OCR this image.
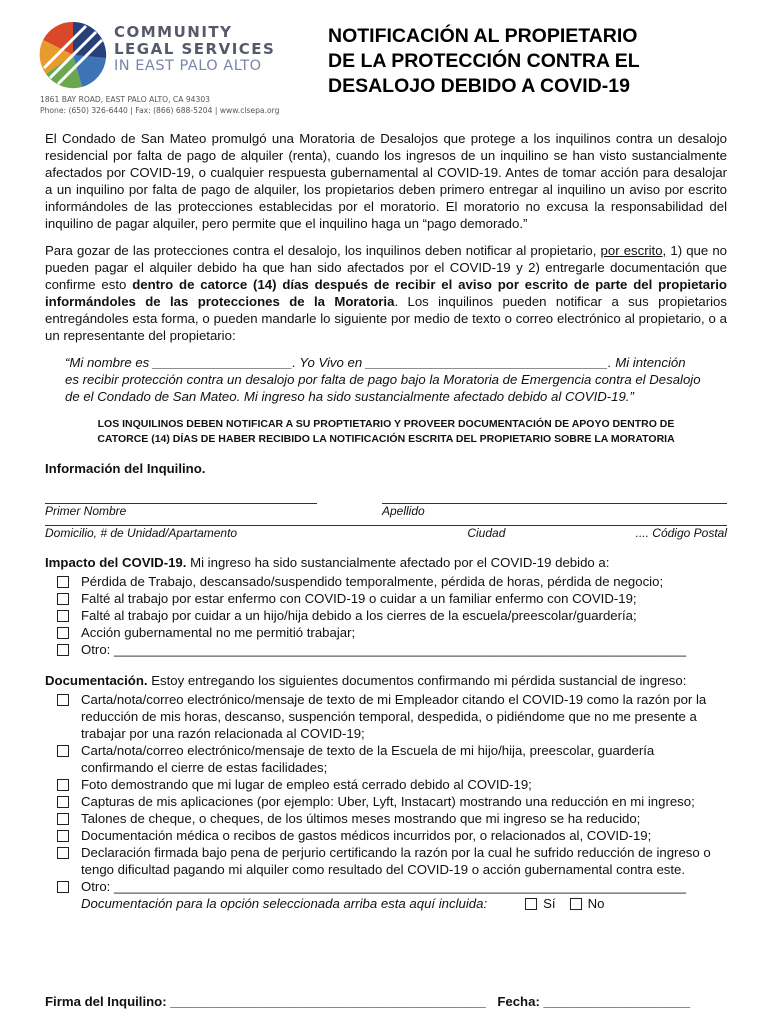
COMMUNITY
LEGAL SERVICES
IN EAST PALO ALTO
1861 BAY ROAD, EAST PALO ALTO, CA 94303
Phone: (650) 326-6440 | Fax: (866) 688-5204 | www.clsepa.org
NOTIFICACIÓN AL PROPIETARIO
DE LA PROTECCIÓN CONTRA EL
DESALOJO DEBIDO A COVID-19

El Condado de San Mateo promulgó una Moratoria de Desalojos que protege a los inquilinos contra un desalojo residencial por falta de pago de alquiler (renta), cuando los ingresos de un inquilino se han visto sustancialmente afectados por COVID-19, o cualquier respuesta gubernamental al COVID-19. Antes de tomar acción para desalojar a un inquilino por falta de pago de alquiler, los propietarios deben primero entregar al inquilino un aviso por escrito informándoles de las protecciones establecidas por el moratorio. El moratorio no excusa la responsabilidad del inquilino de pagar alquiler, pero permite que el inquilino haga un “pago demorado.”

Para gozar de las protecciones contra el desalojo, los inquilinos deben notificar al propietario, por escrito, 1) que no pueden pagar el alquiler debido ha que han sido afectados por el COVID-19 y 2) entregarle documentación que confirme esto dentro de catorce (14) días después de recibir el aviso por escrito de parte del propietario informándoles de las protecciones de la Moratoria. Los inquilinos pueden notificar a sus propietarios entregándoles esta forma, o pueden mandarle lo siguiente por medio de texto o correo electrónico al propietario, o a un representante del propietario:

“Mi nombre es ___________________. Yo Vivo en _________________________________. Mi intención
es recibir protección contra un desalojo por falta de pago bajo la Moratoria de Emergencia contra el Desalojo
de el Condado de San Mateo. Mi ingreso ha sido sustancialmente afectado debido al COVID-19.”
LOS INQUILINOS DEBEN NOTIFICAR A SU PROPTIETARIO Y PROVEER DOCUMENTACIÓN DE APOYO DENTRO DE
CATORCE (14) DÍAS DE HABER RECIBIDO LA NOTIFICACIÓN ESCRITA DEL PROPIETARIO SOBRE LA MORATORIA
Información del Inquilino.
Primer Nombre	Apellido
Domicilio, # de Unidad/Apartamento	Ciudad	.... Código Postal
Impacto del COVID-19. Mi ingreso ha sido sustancialmente afectado por el COVID-19 debido a:
Pérdida de Trabajo, descansado/suspendido temporalmente, pérdida de horas, pérdida de negocio;
Falté al trabajo por estar enfermo con COVID-19 o cuidar a un familiar enfermo con COVID-19;
Falté al trabajo por cuidar a un hijo/hija debido a los cierres de la escuela/preescolar/guardería;
Acción gubernamental no me permitió trabajar;
Otro: ______________________________________________________________________________
Documentación. Estoy entregando los siguientes documentos confirmando mi pérdida sustancial de ingreso:
Carta/nota/correo electrónico/mensaje de texto de mi Empleador citando el COVID-19 como la razón por la reducción de mis horas, descanso, suspención temporal, despedida, o pidiéndome que no me presente a trabajar por una razón relacionada al COVID-19;
Carta/nota/correo electrónico/mensaje de texto de la Escuela de mi hijo/hija, preescolar, guardería confirmando el cierre de estas facilidades;
Foto demostrando que mi lugar de empleo está cerrado debido al COVID-19;
Capturas de mis aplicaciones (por ejemplo: Uber, Lyft, Instacart) mostrando una reducción en mi ingreso;
Talones de cheque, o cheques, de los últimos meses mostrando que mi ingreso se ha reducido;
Documentación médica o recibos de gastos médicos incurridos por, o relacionados al, COVID-19;
Declaración firmada bajo pena de perjurio certificando la razón por la cual he sufrido reducción de ingreso o tengo dificultad pagando mi alquiler como resultado del COVID-19 o acción gubernamental contra este.
Otro: ______________________________________________________________________________
Documentación para la opción seleccionada arriba esta aquí incluida:	Sí No
Firma del Inquilino: ___________________________________________ Fecha: ____________________
